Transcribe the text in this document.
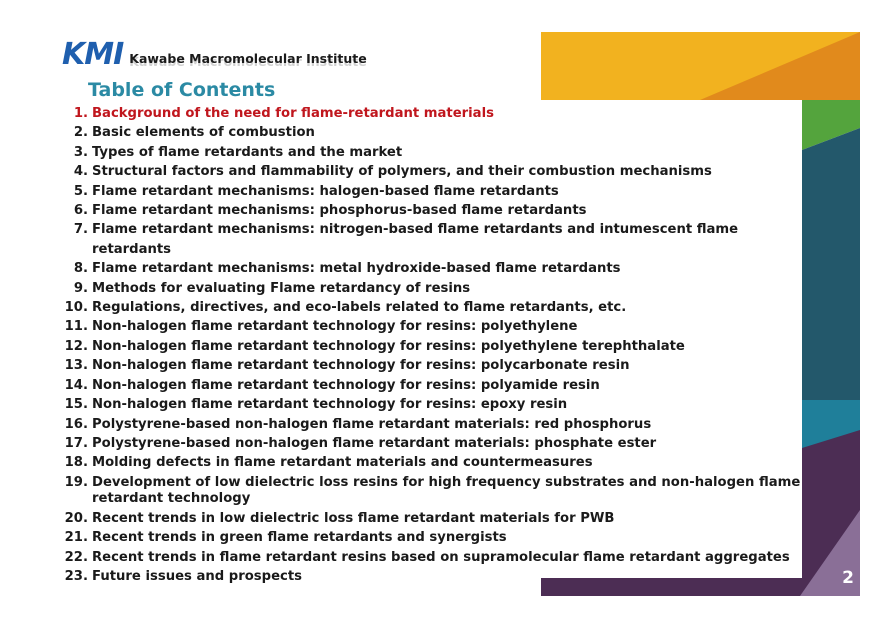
KMI Kawabe Macromolecular Institute
Table of Contents
1. Background of the need for flame-retardant materials
2. Basic elements of combustion
3. Types of flame retardants and the market
4. Structural factors and flammability of polymers, and their combustion mechanisms
5. Flame retardant mechanisms: halogen-based flame retardants
6. Flame retardant mechanisms: phosphorus-based flame retardants
7. Flame retardant mechanisms: nitrogen-based flame retardants and intumescent flame retardants
8. Flame retardant mechanisms: metal hydroxide-based flame retardants
9. Methods for evaluating Flame retardancy of resins
10. Regulations, directives, and eco-labels related to flame retardants, etc.
11. Non-halogen flame retardant technology for resins: polyethylene
12. Non-halogen flame retardant technology for resins: polyethylene terephthalate
13. Non-halogen flame retardant technology for resins: polycarbonate resin
14. Non-halogen flame retardant technology for resins: polyamide resin
15. Non-halogen flame retardant technology for resins: epoxy resin
16. Polystyrene-based non-halogen flame retardant materials: red phosphorus
17. Polystyrene-based non-halogen flame retardant materials: phosphate ester
18. Molding defects in flame retardant materials and countermeasures
19. Development of low dielectric loss resins for high frequency substrates and non-halogen flame retardant technology
20. Recent trends in low dielectric loss flame retardant materials for PWB
21. Recent trends in green flame retardants and synergists
22. Recent trends in flame retardant resins based on supramolecular flame retardant aggregates
23. Future issues and prospects	2
